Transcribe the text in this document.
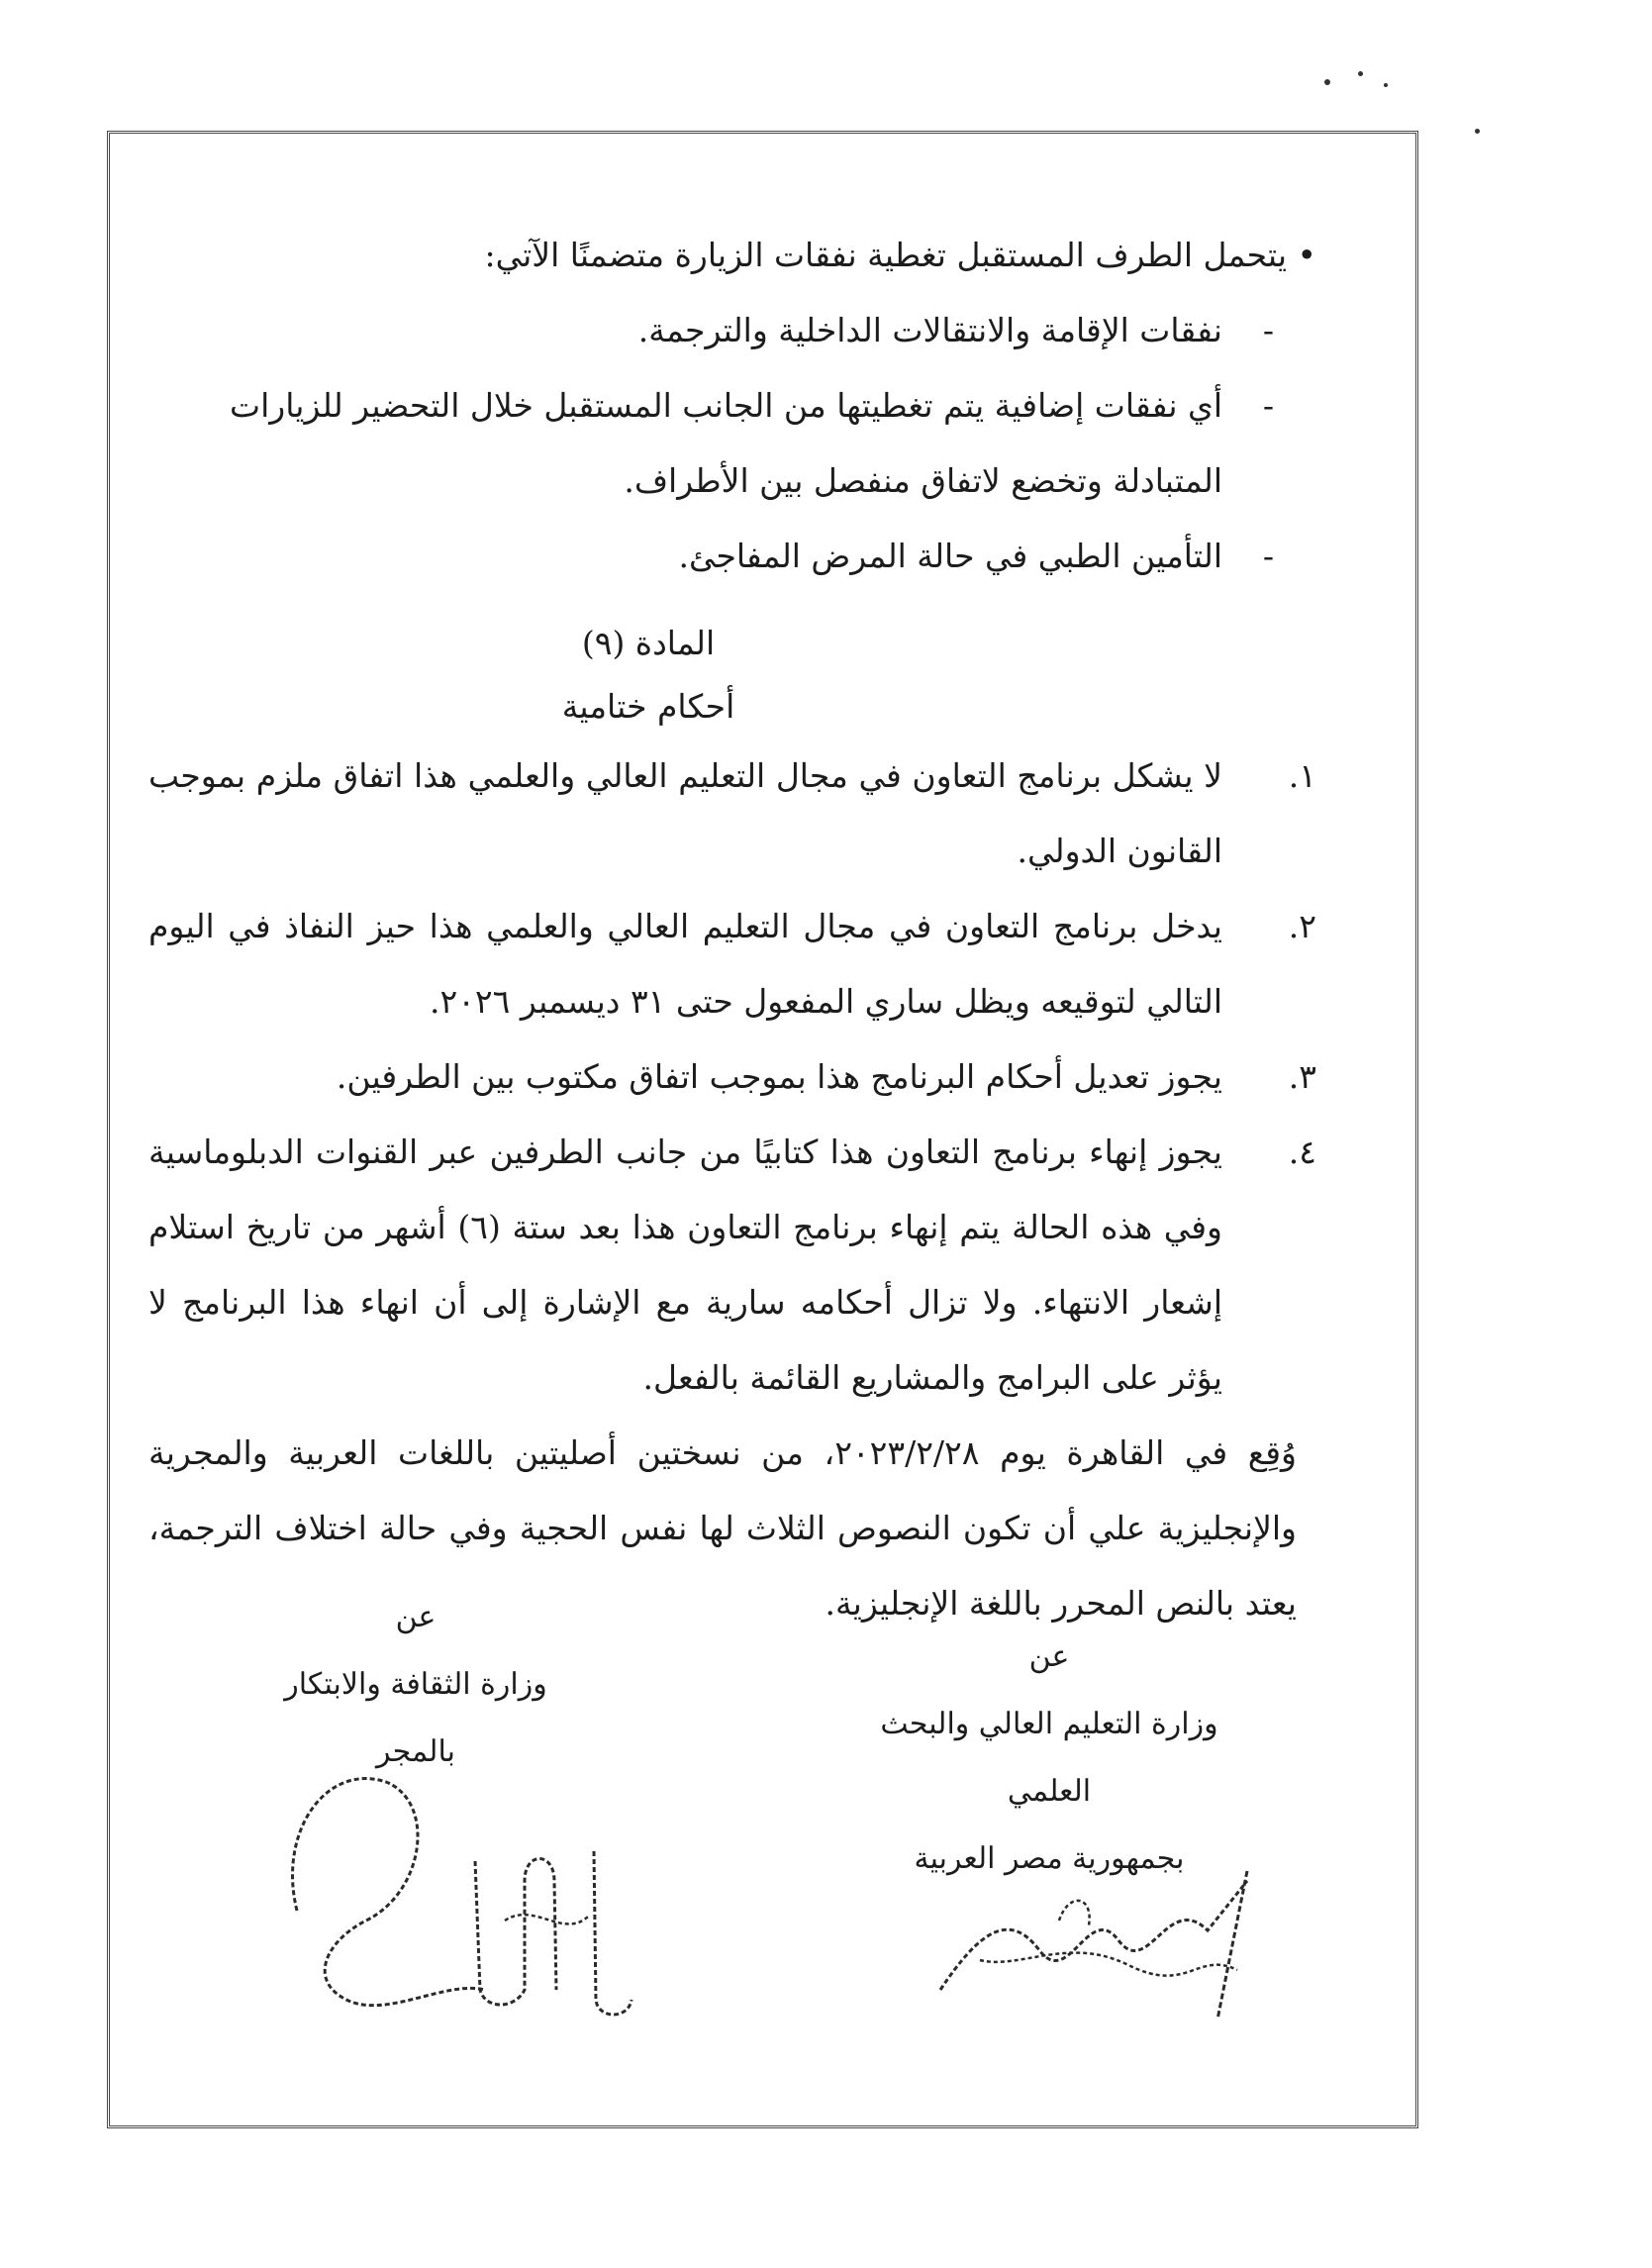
• يتحمل الطرف المستقبل تغطية نفقات الزيارة متضمنًا الآتي:
-
نفقات الإقامة والانتقالات الداخلية والترجمة.
-
أي نفقات إضافية يتم تغطيتها من الجانب المستقبل خلال التحضير للزيارات
المتبادلة وتخضع لاتفاق منفصل بين الأطراف.
-
التأمين الطبي في حالة المرض المفاجئ.
المادة (٩)
أحكام ختامية
١.
لا يشكل برنامج التعاون في مجال التعليم العالي والعلمي هذا اتفاق ملزم بموجب القانون الدولي.
٢.
يدخل برنامج التعاون في مجال التعليم العالي والعلمي هذا حيز النفاذ في اليوم التالي لتوقيعه ويظل ساري المفعول حتى ٣١ ديسمبر ٢٠٢٦.
٣.
يجوز تعديل أحكام البرنامج هذا بموجب اتفاق مكتوب بين الطرفين.
٤.
يجوز إنهاء برنامج التعاون هذا كتابيًا من جانب الطرفين عبر القنوات الدبلوماسية وفي هذه الحالة يتم إنهاء برنامج التعاون هذا بعد ستة (٦) أشهر من تاريخ استلام إشعار الانتهاء. ولا تزال أحكامه سارية مع الإشارة إلى أن انهاء هذا البرنامج لا يؤثر على البرامج والمشاريع القائمة بالفعل.
وُقِع في القاهرة يوم ٢٠٢٣/٢/٢٨، من نسختين أصليتين باللغات العربية والمجرية والإنجليزية علي أن تكون النصوص الثلاث لها نفس الحجية وفي حالة اختلاف الترجمة، يعتد بالنص المحرر باللغة الإنجليزية.
عن
وزارة التعليم العالي والبحث العلمي
بجمهورية مصر العربية
عن
وزارة الثقافة والابتكار
بالمجر
